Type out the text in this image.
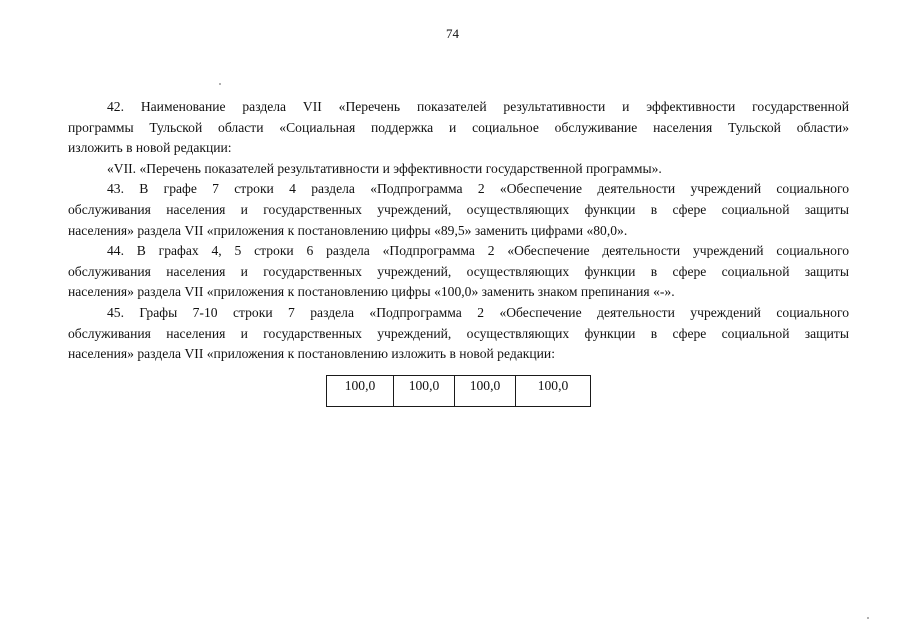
74

42. Наименование раздела VII «Перечень показателей результативности и эффективности государственной
программы Тульской области «Социальная поддержка и социальное обслуживание населения Тульской области»
изложить в новой редакции:

«VII. «Перечень показателей результативности и эффективности государственной программы».

43. В графе 7 строки 4 раздела «Подпрограмма 2 «Обеспечение деятельности учреждений социального
обслуживания населения и государственных учреждений, осуществляющих функции в сфере социальной защиты
населения» раздела VII «приложения к постановлению цифры «89,5» заменить цифрами «80,0».

44. В графах 4, 5 строки 6 раздела «Подпрограмма 2 «Обеспечение деятельности учреждений социального
обслуживания населения и государственных учреждений, осуществляющих функции в сфере социальной защиты
населения» раздела VII «приложения к постановлению цифры «100,0» заменить знаком препинания «-».

45. Графы 7-10 строки 7 раздела «Подпрограмма 2 «Обеспечение деятельности учреждений социального
обслуживания населения и государственных учреждений, осуществляющих функции в сфере социальной защиты
населения» раздела VII «приложения к постановлению изложить в новой редакции:

100,0	100,0	100,0	100,0
